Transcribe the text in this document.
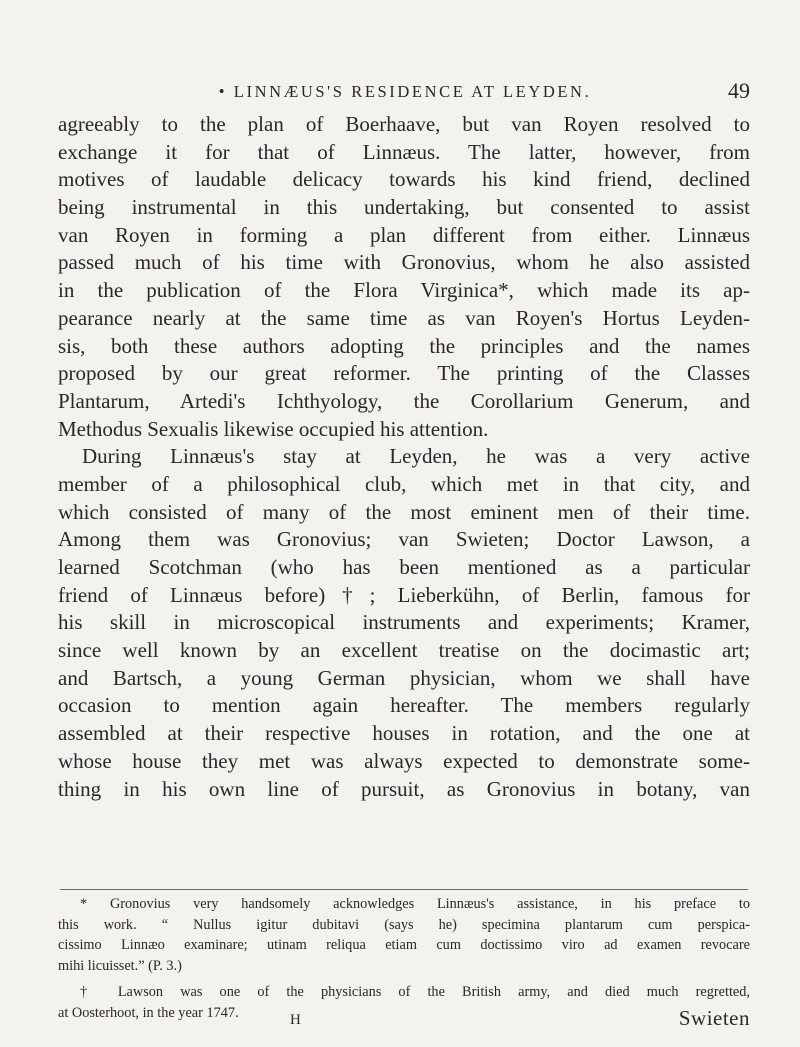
• LINNÆUS'S RESIDENCE AT LEYDEN.	49
agreeably to the plan of Boerhaave, but van Royen resolved to
exchange it for that of Linnæus. The latter, however, from
motives of laudable delicacy towards his kind friend, declined
being instrumental in this undertaking, but consented to assist
van Royen in forming a plan different from either. Linnæus
passed much of his time with Gronovius, whom he also assisted
in the publication of the Flora Virginica*, which made its ap-
pearance nearly at the same time as van Royen's Hortus Leyden-
sis, both these authors adopting the principles and the names
proposed by our great reformer. The printing of the Classes
Plantarum, Artedi's Ichthyology, the Corollarium Generum, and
Methodus Sexualis likewise occupied his attention.
During Linnæus's stay at Leyden, he was a very active
member of a philosophical club, which met in that city, and
which consisted of many of the most eminent men of their time.
Among them was Gronovius; van Swieten; Doctor Lawson, a
learned Scotchman (who has been mentioned as a particular
friend of Linnæus before)†; Lieberkühn, of Berlin, famous for
his skill in microscopical instruments and experiments; Kramer,
since well known by an excellent treatise on the docimastic art;
and Bartsch, a young German physician, whom we shall have
occasion to mention again hereafter. The members regularly
assembled at their respective houses in rotation, and the one at
whose house they met was always expected to demonstrate some-
thing in his own line of pursuit, as Gronovius in botany, van
* Gronovius very handsomely acknowledges Linnæus's assistance, in his preface to
this work. “ Nullus igitur dubitavi (says he) specimina plantarum cum perspica-
cissimo Linnæo examinare; utinam reliqua etiam cum doctissimo viro ad examen revocare
mihi licuisset.” (P. 3.)
† Lawson was one of the physicians of the British army, and died much regretted,
at Oosterhoot, in the year 1747.	H	Swieten
